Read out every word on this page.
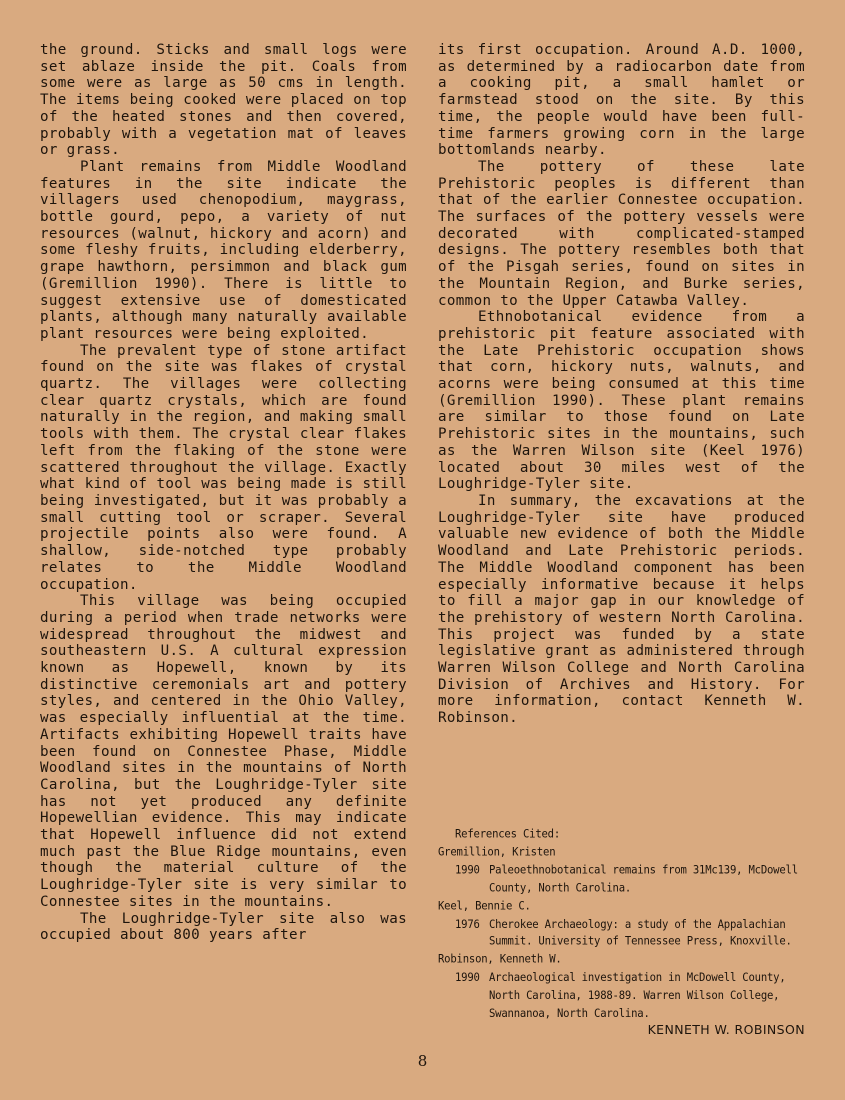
the ground. Sticks and small logs were set ablaze inside the pit. Coals from some were as large as 50 cms in length. The items being cooked were placed on top of the heated stones and then covered, probably with a vegetation mat of leaves or grass.

Plant remains from Middle Woodland features in the site indicate the villagers used chenopodium, maygrass, bottle gourd, pepo, a variety of nut resources (walnut, hickory and acorn) and some fleshy fruits, including elderberry, grape hawthorn, persimmon and black gum (Gremillion 1990). There is little to suggest extensive use of domesticated plants, although many naturally available plant resources were being exploited.

The prevalent type of stone artifact found on the site was flakes of crystal quartz. The villages were collecting clear quartz crystals, which are found naturally in the region, and making small tools with them. The crystal clear flakes left from the flaking of the stone were scattered throughout the village. Exactly what kind of tool was being made is still being investigated, but it was probably a small cutting tool or scraper. Several projectile points also were found. A shallow, side-notched type probably relates to the Middle Woodland occupation.

This village was being occupied during a period when trade networks were widespread throughout the midwest and southeastern U.S. A cultural expression known as Hopewell, known by its distinctive ceremonials art and pottery styles, and centered in the Ohio Valley, was especially influential at the time. Artifacts exhibiting Hopewell traits have been found on Connestee Phase, Middle Woodland sites in the mountains of North Carolina, but the Loughridge-Tyler site has not yet produced any definite Hopewellian evidence. This may indicate that Hopewell influence did not extend much past the Blue Ridge mountains, even though the material culture of the Loughridge-Tyler site is very similar to Connestee sites in the mountains.

The Loughridge-Tyler site also was occupied about 800 years after

its first occupation. Around A.D. 1000, as determined by a radiocarbon date from a cooking pit, a small hamlet or farmstead stood on the site. By this time, the people would have been full-time farmers growing corn in the large bottomlands nearby.

The pottery of these late Prehistoric peoples is different than that of the earlier Connestee occupation. The surfaces of the pottery vessels were decorated with complicated-stamped designs. The pottery resembles both that of the Pisgah series, found on sites in the Mountain Region, and Burke series, common to the Upper Catawba Valley.

Ethnobotanical evidence from a prehistoric pit feature associated with the Late Prehistoric occupation shows that corn, hickory nuts, walnuts, and acorns were being consumed at this time (Gremillion 1990). These plant remains are similar to those found on Late Prehistoric sites in the mountains, such as the Warren Wilson site (Keel 1976) located about 30 miles west of the Loughridge-Tyler site.

In summary, the excavations at the Loughridge-Tyler site have produced valuable new evidence of both the Middle Woodland and Late Prehistoric periods. The Middle Woodland component has been especially informative because it helps to fill a major gap in our knowledge of the prehistory of western North Carolina. This project was funded by a state legislative grant as administered through Warren Wilson College and North Carolina Division of Archives and History. For more information, contact Kenneth W. Robinson.

References Cited:
Gremillion, Kristen
1990 Paleoethnobotanical remains from 31Mc139, McDowell County, North Carolina.
Keel, Bennie C.
1976 Cherokee Archaeology: a study of the Appalachian Summit. University of Tennessee Press, Knoxville.
Robinson, Kenneth W.
1990 Archaeological investigation in McDowell County, North Carolina, 1988-89. Warren Wilson College, Swannanoa, North Carolina.
KENNETH W. ROBINSON
8
